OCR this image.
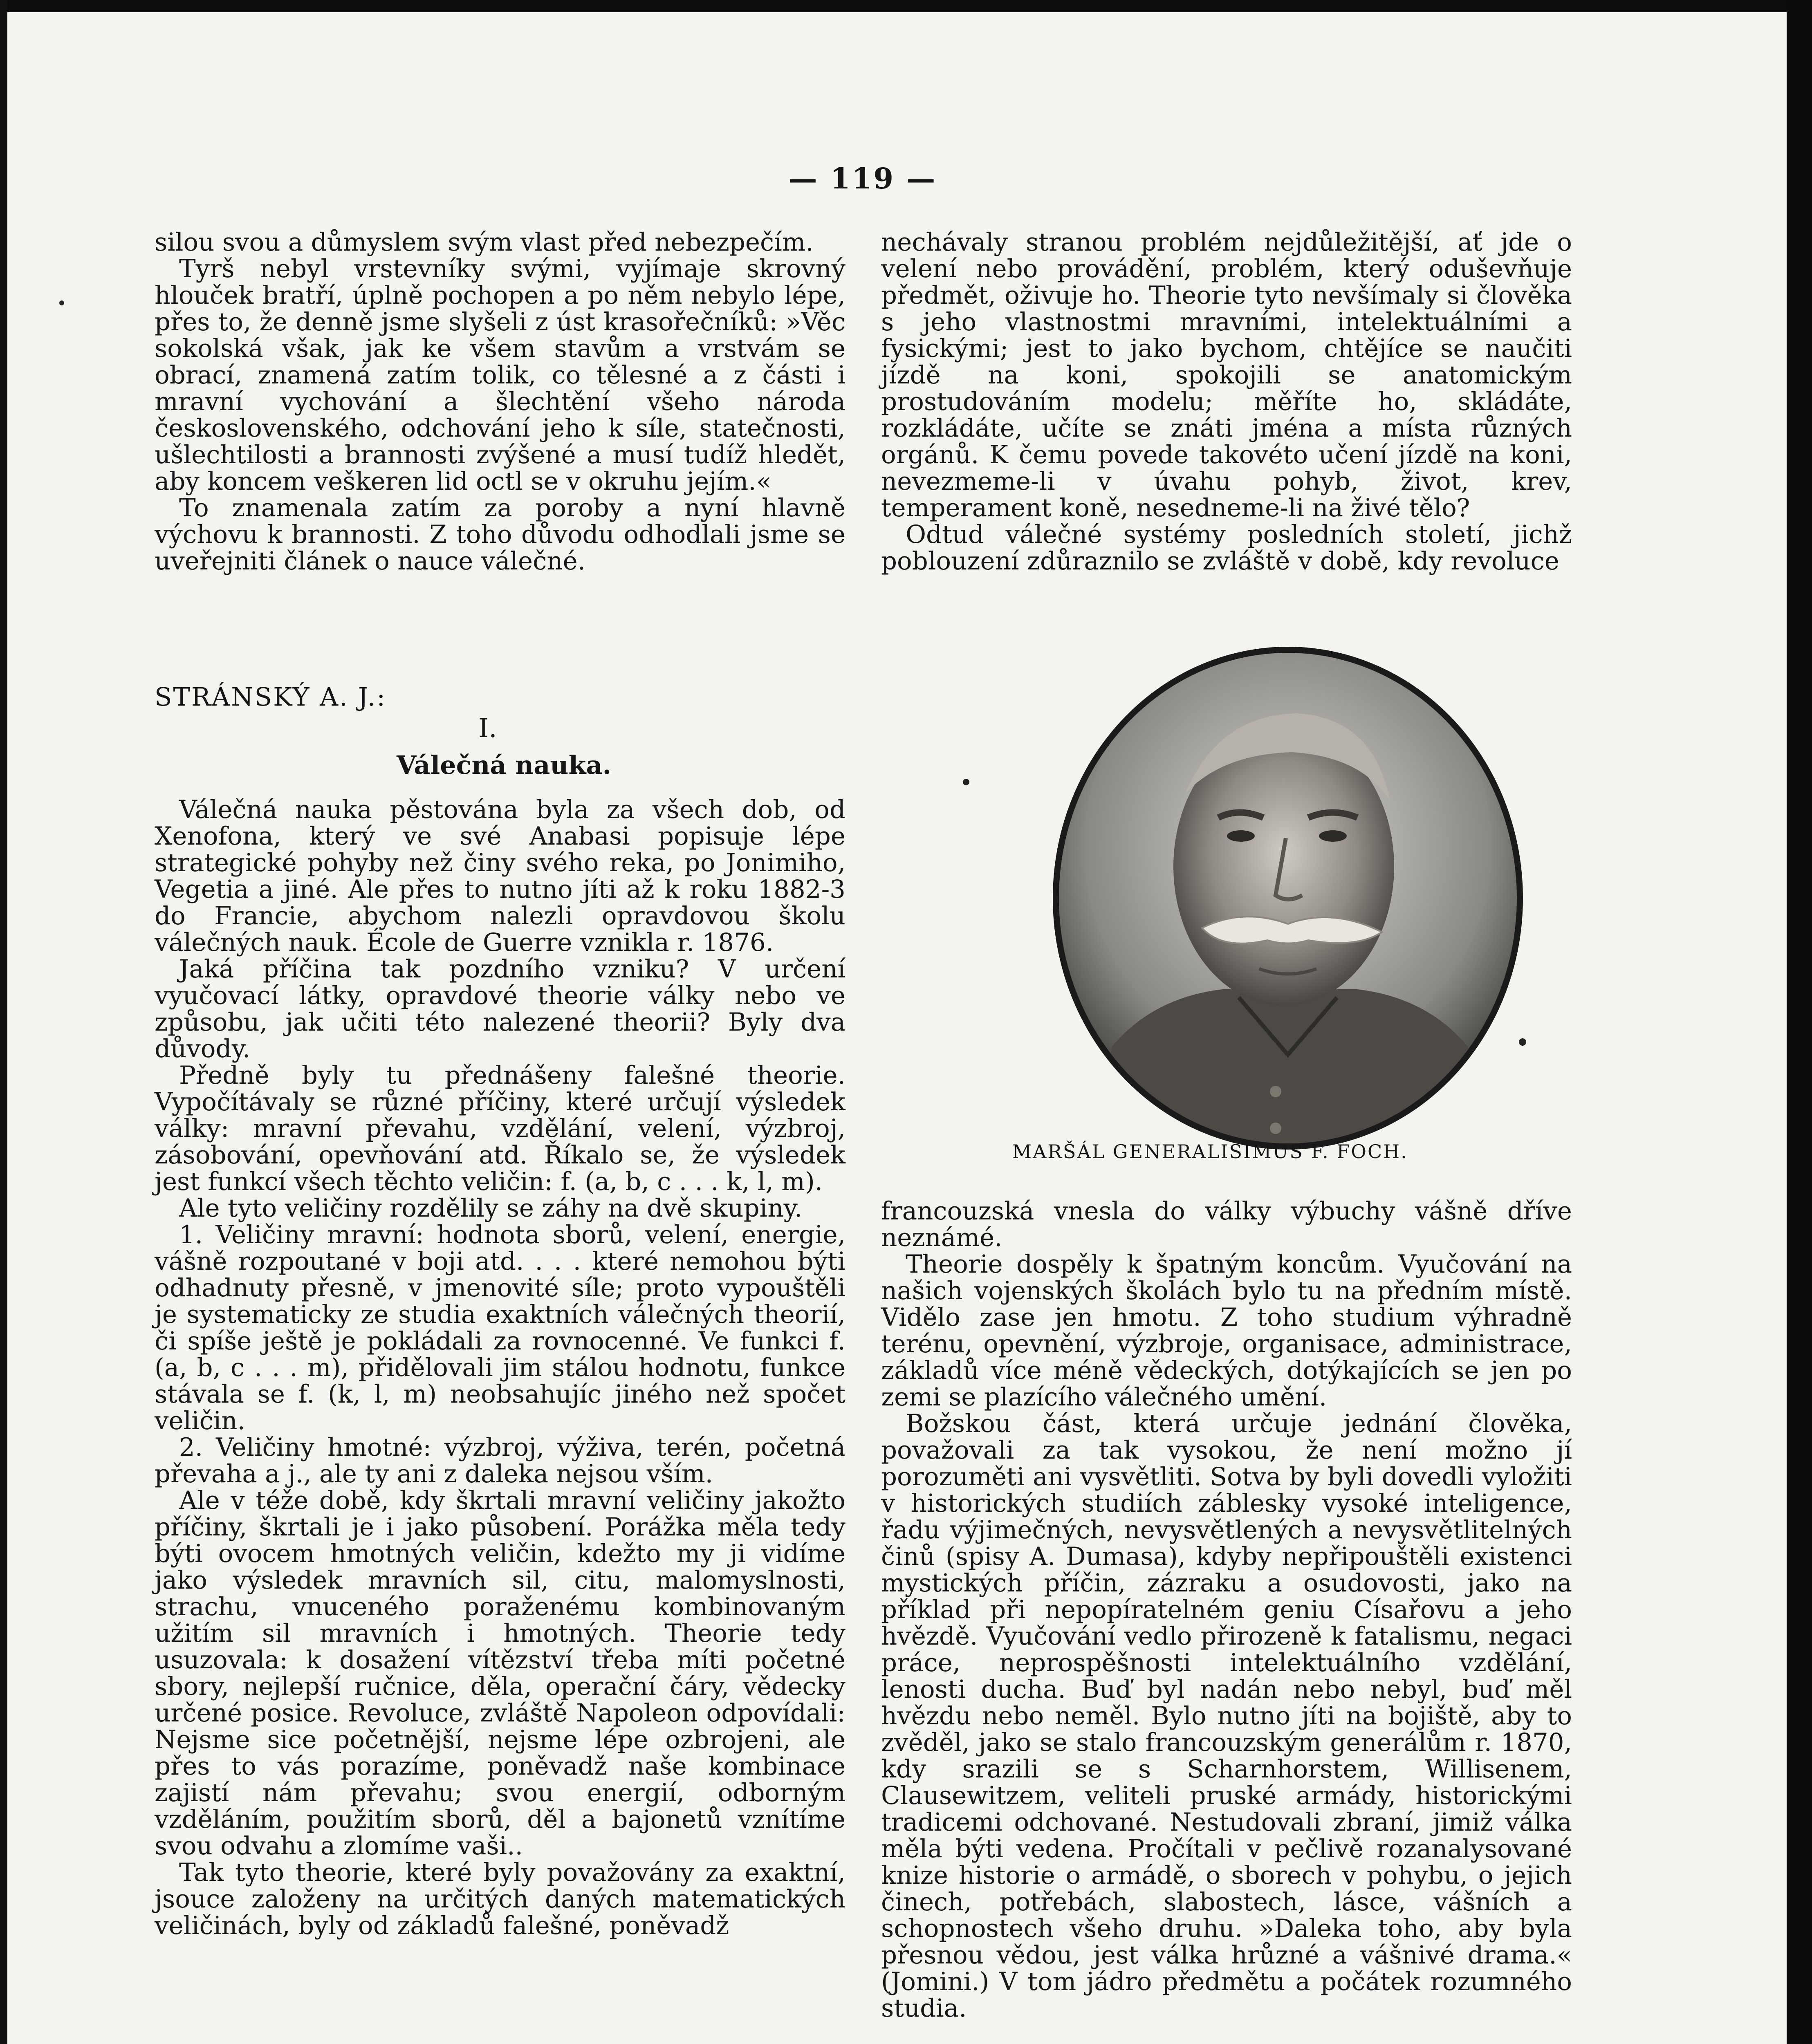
— 119 —

silou svou a důmyslem svým vlast před nebezpečím.

Tyrš nebyl vrstevníky svými, vyjímaje skrovný hlouček bratří, úplně pochopen a po něm nebylo lépe, přes to, že denně jsme slyšeli z úst krasořečníků: »Věc sokolská však, jak ke všem stavům a vrstvám se obrací, znamená zatím tolik, co tělesné a z části i mravní vychování a šlechtění všeho národa československého, odchování jeho k síle, statečnosti, ušlechtilosti a brannosti zvýšené a musí tudíž hledět, aby koncem veškeren lid octl se v okruhu jejím.«

To znamenala zatím za poroby a nyní hlavně výchovu k brannosti. Z toho důvodu odhodlali jsme se uveřejniti článek o nauce válečné.

STRÁNSKÝ A. J.:
I.
Válečná nauka.

Válečná nauka pěstována byla za všech dob, od Xenofona, který ve své Anabasi popisuje lépe strategické pohyby než činy svého reka, po Jonimiho, Vegetia a jiné. Ale přes to nutno jíti až k roku 1882-3 do Francie, abychom nalezli opravdovou školu válečných nauk. École de Guerre vznikla r. 1876.

Jaká příčina tak pozdního vzniku? V určení vyučovací látky, opravdové theorie války nebo ve způsobu, jak učiti této nalezené theorii? Byly dva důvody.

Předně byly tu přednášeny falešné theorie. Vypočítávaly se různé příčiny, které určují výsledek války: mravní převahu, vzdělání, velení, výzbroj, zásobování, opevňování atd. Říkalo se, že výsledek jest funkcí všech těchto veličin: f. (a, b, c . . . k, l, m).

Ale tyto veličiny rozdělily se záhy na dvě skupiny.

1. Veličiny mravní: hodnota sborů, velení, energie, vášně rozpoutané v boji atd. . . . které nemohou býti odhadnuty přesně, v jmenovité síle; proto vypouštěli je systematicky ze studia exaktních válečných theorií, či spíše ještě je pokládali za rovnocenné. Ve funkci f. (a, b, c . . . m), přidělovali jim stálou hodnotu, funkce stávala se f. (k, l, m) neobsahujíc jiného než spočet veličin.

2. Veličiny hmotné: výzbroj, výživa, terén, početná převaha a j., ale ty ani z daleka nejsou vším.

Ale v téže době, kdy škrtali mravní veličiny jakožto příčiny, škrtali je i jako působení. Porážka měla tedy býti ovocem hmotných veličin, kdežto my ji vidíme jako výsledek mravních sil, citu, malomyslnosti, strachu, vnuceného poraženému kombinovaným užitím sil mravních i hmotných. Theorie tedy usuzovala: k dosažení vítězství třeba míti početné sbory, nejlepší ručnice, děla, operační čáry, vědecky určené posice. Revoluce, zvláště Napoleon odpovídali: Nejsme sice početnější, nejsme lépe ozbrojeni, ale přes to vás porazíme, poněvadž naše kombinace zajistí nám převahu; svou energií, odborným vzděláním, použitím sborů, děl a bajonetů vznítíme svou odvahu a zlomíme vaši..

Tak tyto theorie, které byly považovány za exaktní, jsouce založeny na určitých daných matematických veličinách, byly od základů falešné, poněvadž

nechávaly stranou problém nejdůležitější, ať jde o velení nebo provádění, problém, který oduševňuje předmět, oživuje ho. Theorie tyto nevšímaly si člověka s jeho vlastnostmi mravními, intelektuálními a fysickými; jest to jako bychom, chtějíce se naučiti jízdě na koni, spokojili se anatomickým prostudováním modelu; měříte ho, skládáte, rozkládáte, učíte se znáti jména a místa různých orgánů. K čemu povede takovéto učení jízdě na koni, nevezmeme-li v úvahu pohyb, život, krev, temperament koně, nesedneme-li na živé tělo?

Odtud válečné systémy posledních století, jichž poblouzení zdůraznilo se zvláště v době, kdy revoluce

MARŠÁL GENERALISIMUS F. FOCH.

francouzská vnesla do války výbuchy vášně dříve neznámé.

Theorie dospěly k špatným koncům. Vyučování na našich vojenských školách bylo tu na předním místě. Vidělo zase jen hmotu. Z toho studium výhradně terénu, opevnění, výzbroje, organisace, administrace, základů více méně vědeckých, dotýkajících se jen po zemi se plazícího válečného umění.

Božskou část, která určuje jednání člověka, považovali za tak vysokou, že není možno jí porozuměti ani vysvětliti. Sotva by byli dovedli vyložiti v historických studiích záblesky vysoké inteligence, řadu výjimečných, nevysvětlených a nevysvětlitelných činů (spisy A. Dumasa), kdyby nepřipouštěli existenci mystických příčin, zázraku a osudovosti, jako na příklad při nepopíratelném geniu Císařovu a jeho hvězdě. Vyučování vedlo přirozeně k fatalismu, negaci práce, neprospěšnosti intelektuálního vzdělání, lenosti ducha. Buď byl nadán nebo nebyl, buď měl hvězdu nebo neměl. Bylo nutno jíti na bojiště, aby to zvěděl, jako se stalo francouzským generálům r. 1870, kdy srazili se s Scharnhorstem, Willisenem, Clausewitzem, veliteli pruské armády, historickými tradicemi odchované. Nestudovali zbraní, jimiž válka měla býti vedena. Pročítali v pečlivě rozanalysované knize historie o armádě, o sborech v pohybu, o jejich činech, potřebách, slabostech, lásce, vášních a schopnostech všeho druhu. »Daleka toho, aby byla přesnou vědou, jest válka hrůzné a vášnivé drama.« (Jomini.) V tom jádro předmětu a počátek rozumného studia.
